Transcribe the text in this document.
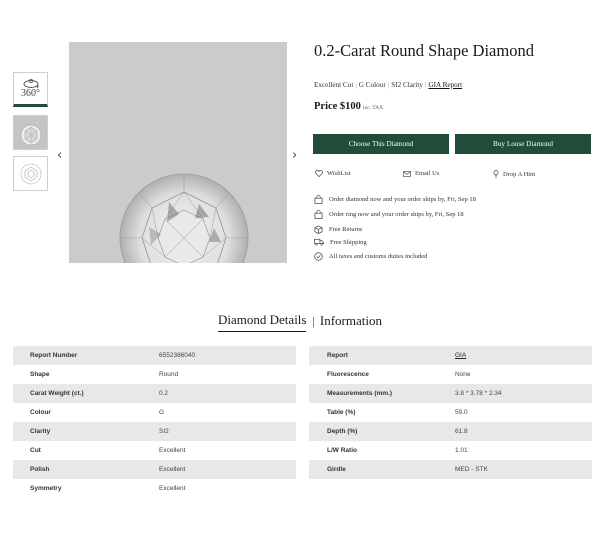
360°
‹	›
0.2-Carat Round Shape Diamond
Excellent Cut | G Colour | SI2 Clarity | GIA Report
Price $100 inc. TAX
Choose This Diamond	Buy Loose Diamond
WishList	Email Us	Drop A Hint
Order diamond now and your order ships by, Fri, Sep 18
Order ring now and your order ships by, Fri, Sep 18
Free Returns
Free Shipping
All taxes and customs duties included
Diamond Details | Information
Report Number	6552386040
Shape	Round
Carat Weight (ct.)	0.2
Colour	G
Clarity	SI2
Cut	Excellent
Polish	Excellent
Symmetry	Excellent
Report	GIA
Fluorescence	None
Measurements (mm.)	3.8 * 3.78 * 2.34
Table (%)	59.0
Depth (%)	61.8
L/W Ratio	1.01
Girdle	MED - STK
